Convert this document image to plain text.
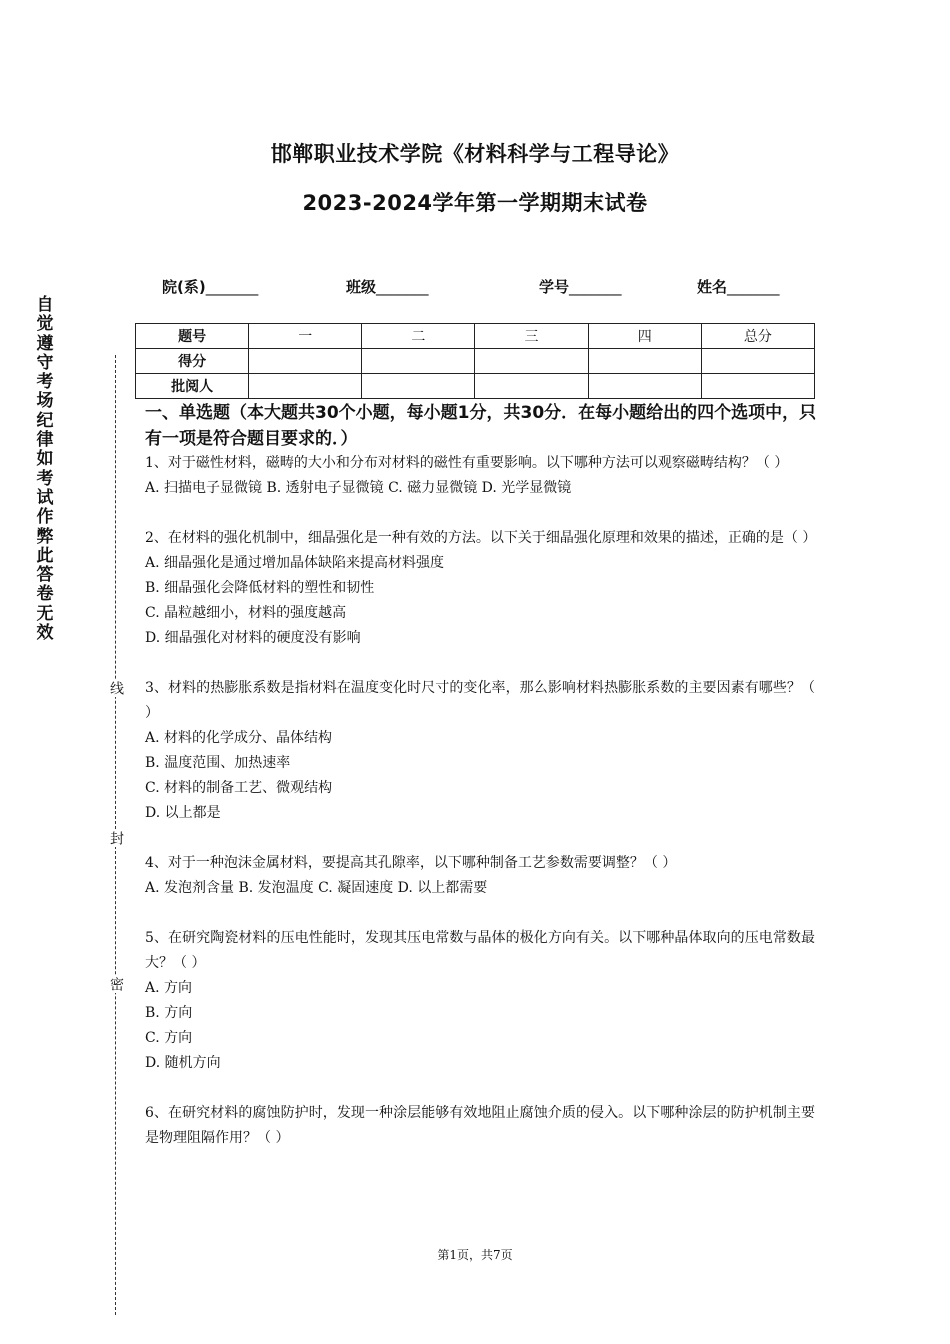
邯郸职业技术学院《材料科学与工程导论》
2023-2024学年第一学期期末试卷
院(系)_______	班级_______	学号_______	姓名_______
题号	一	二	三	四	总分
得分					
批阅人					
自
觉
遵
守
考
场
纪
律
如
考
试
作
弊
此
答
卷
无
效
线
封
密
一、单选题（本大题共30个小题，每小题1分，共30分．在每小题给出的四个选项中，只有一项是符合题目要求的．）
1、对于磁性材料，磁畴的大小和分布对材料的磁性有重要影响。以下哪种方法可以观察磁畴结构？（ ）
A. 扫描电子显微镜 B. 透射电子显微镜 C. 磁力显微镜 D. 光学显微镜
2、在材料的强化机制中，细晶强化是一种有效的方法。以下关于细晶强化原理和效果的描述，正确的是（ ）
A. 细晶强化是通过增加晶体缺陷来提高材料强度
B. 细晶强化会降低材料的塑性和韧性
C. 晶粒越细小，材料的强度越高
D. 细晶强化对材料的硬度没有影响
3、材料的热膨胀系数是指材料在温度变化时尺寸的变化率，那么影响材料热膨胀系数的主要因素有哪些？（ ）
A. 材料的化学成分、晶体结构
B. 温度范围、加热速率
C. 材料的制备工艺、微观结构
D. 以上都是
4、对于一种泡沫金属材料，要提高其孔隙率，以下哪种制备工艺参数需要调整？（ ）
A. 发泡剂含量 B. 发泡温度 C. 凝固速度 D. 以上都需要
5、在研究陶瓷材料的压电性能时，发现其压电常数与晶体的极化方向有关。以下哪种晶体取向的压电常数最大？（ ）
A. 方向
B. 方向
C. 方向
D. 随机方向
6、在研究材料的腐蚀防护时，发现一种涂层能够有效地阻止腐蚀介质的侵入。以下哪种涂层的防护机制主要是物理阻隔作用？（ ）
第1页，共7页
